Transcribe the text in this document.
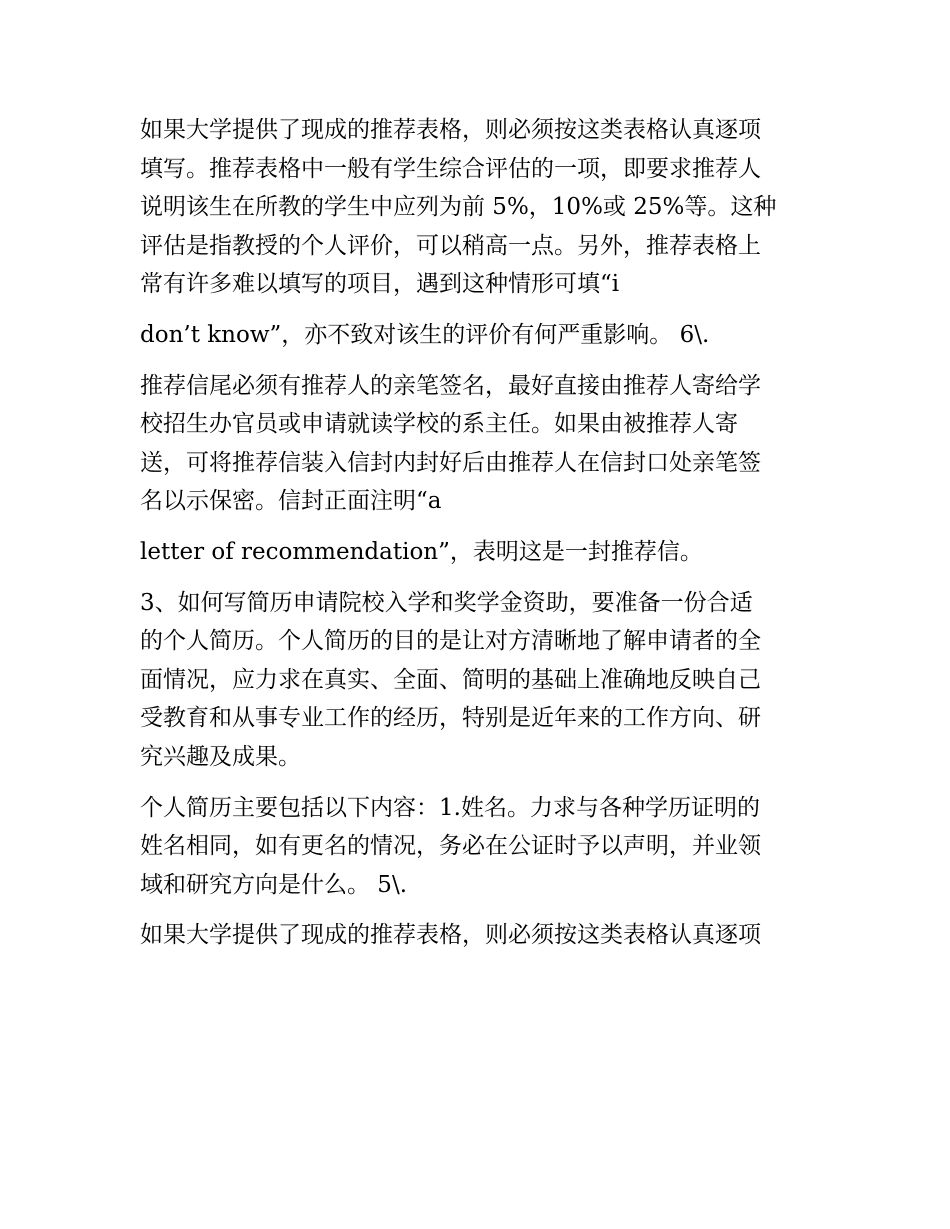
如果大学提供了现成的推荐表格，则必须按这类表格认真逐项

填写。推荐表格中一般有学生综合评估的一项，即要求推荐人

说明该生在所教的学生中应列为前 5%，10%或 25%等。这种

评估是指教授的个人评价，可以稍高一点。另外，推荐表格上

常有许多难以填写的项目，遇到这种情形可填“i

don’t know”，亦不致对该生的评价有何严重影响。 6\.

推荐信尾必须有推荐人的亲笔签名，最好直接由推荐人寄给学

校招生办官员或申请就读学校的系主任。如果由被推荐人寄

送，可将推荐信装入信封内封好后由推荐人在信封口处亲笔签

名以示保密。信封正面注明“a

letter of recommendation”，表明这是一封推荐信。

3、如何写简历申请院校入学和奖学金资助，要准备一份合适

的个人简历。个人简历的目的是让对方清晰地了解申请者的全

面情况，应力求在真实、全面、简明的基础上准确地反映自己

受教育和从事专业工作的经历，特别是近年来的工作方向、研

究兴趣及成果。

个人简历主要包括以下内容：1.姓名。力求与各种学历证明的

姓名相同，如有更名的情况，务必在公证时予以声明，并业领

域和研究方向是什么。 5\.

如果大学提供了现成的推荐表格，则必须按这类表格认真逐项
